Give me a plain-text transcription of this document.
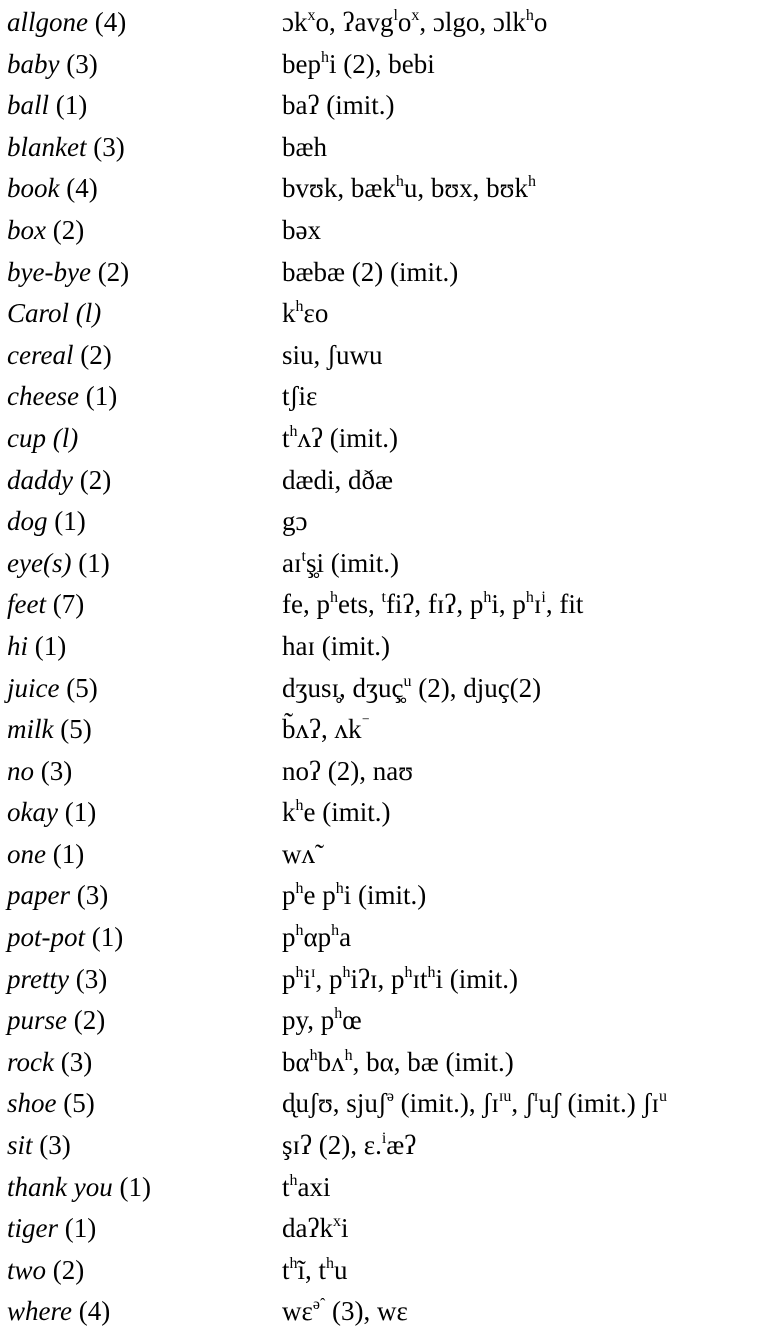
allgone (4)	ɔk$^x$o, $ʔavg^lo^x$, ɔlgo, ɔlk$^h$o
baby (3)	bep$^h$i (2), bebi
ball (1)	baʔ (imit.)
blanket (3)	bæh
book (4)	bvʊk, bæk$^h$u, bʊx, bʊk$^h$
box (2)	bəx
bye-bye (2)	bæbæ (2) (imit.)
Carol (l)	$k^h\varepsilon o$
cereal (2)	siu, ʃuwu
cheese (1)	tʃiε
cup (l)	$t^hʌʔ$ (imit.)
daddy (2)	dædi, dðæ
dog (1)	gɔ
eye(s) (1)	aɪ$^t$ş̥i (imit.)
feet (7)	fe, $p^hets$, $^t$fiʔ, fɪʔ, $p^hi$, $p^hɪ^i$, fit
hi (1)	haɪ (imit.)
juice (5)	dʒusɪ̥, dʒuç̥$^u$ (2), djuç(2)
milk (5)	b̃ʌʔ, ʌk⁻
no (3)	noʔ (2), naʊ
okay (1)	$k^he$ (imit.)
one (1)	wʌ̃
paper (3)	$p^he$ $p^hi$ (imit.)
pot-pot (1)	$p^h\alpha p^ha$
pretty (3)	$p^hi^ɪ$, $p^hiʔɪ$, $p^hɪt^hi$ (imit.)
purse (2)	py, $p^hœ$
rock (3)	$b\alpha^hbʌ^h$, bα, bæ (imit.)
shoe (5)	d̨uʃʊ, sjuʃ$^ə$ (imit.), ʃɪ$^{ɪu}$, ʃ$^ɪ$uʃ (imit.) ʃɪ$^u$
sit (3)	şɪʔ (2), ε.$^i$æʔ
thank you (1)	$t^haxi$
tiger (1)	daʔk$^x$i
two (2)	$t^hĩ$, $t^hu$
where (4)	$w\varepsilon^{əˆ}$ (3), wε
